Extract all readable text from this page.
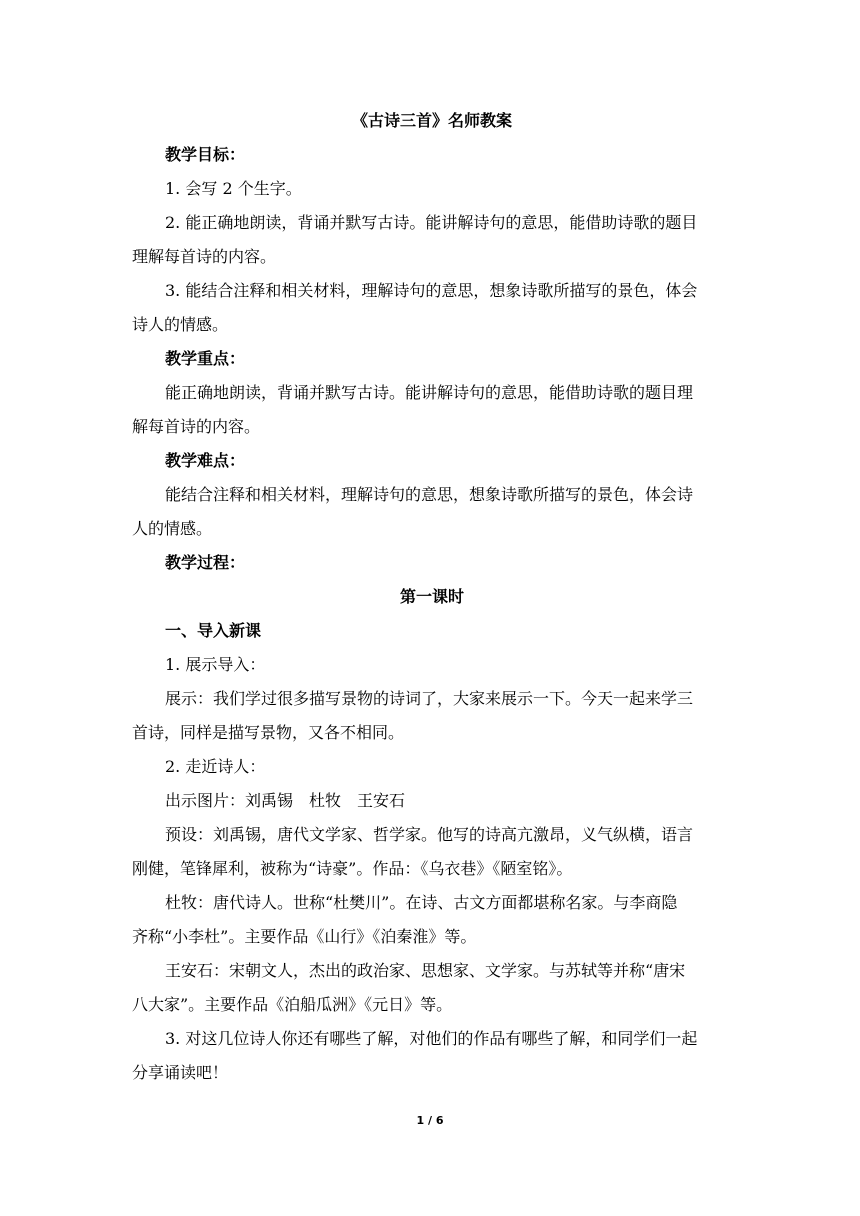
《古诗三首》名师教案
教学目标：
1. 会写 2 个生字。
2. 能正确地朗读，背诵并默写古诗。能讲解诗句的意思，能借助诗歌的题目
理解每首诗的内容。
3. 能结合注释和相关材料，理解诗句的意思，想象诗歌所描写的景色，体会
诗人的情感。
教学重点：
能正确地朗读，背诵并默写古诗。能讲解诗句的意思，能借助诗歌的题目理
解每首诗的内容。
教学难点：
能结合注释和相关材料，理解诗句的意思，想象诗歌所描写的景色，体会诗
人的情感。
教学过程：
第一课时
一、导入新课
1. 展示导入：
展示：我们学过很多描写景物的诗词了，大家来展示一下。今天一起来学三
首诗，同样是描写景物，又各不相同。
2. 走近诗人：
出示图片：刘禹锡　杜牧　王安石
预设：刘禹锡，唐代文学家、哲学家。他写的诗高亢激昂，义气纵横，语言
刚健，笔锋犀利，被称为“诗豪”。作品：《乌衣巷》《陋室铭》。
杜牧：唐代诗人。世称“杜樊川”。在诗、古文方面都堪称名家。与李商隐
齐称“小李杜”。主要作品《山行》《泊秦淮》等。
王安石：宋朝文人，杰出的政治家、思想家、文学家。与苏轼等并称“唐宋
八大家”。主要作品《泊船瓜洲》《元日》等。
3. 对这几位诗人你还有哪些了解，对他们的作品有哪些了解，和同学们一起
分享诵读吧！
1 / 6
